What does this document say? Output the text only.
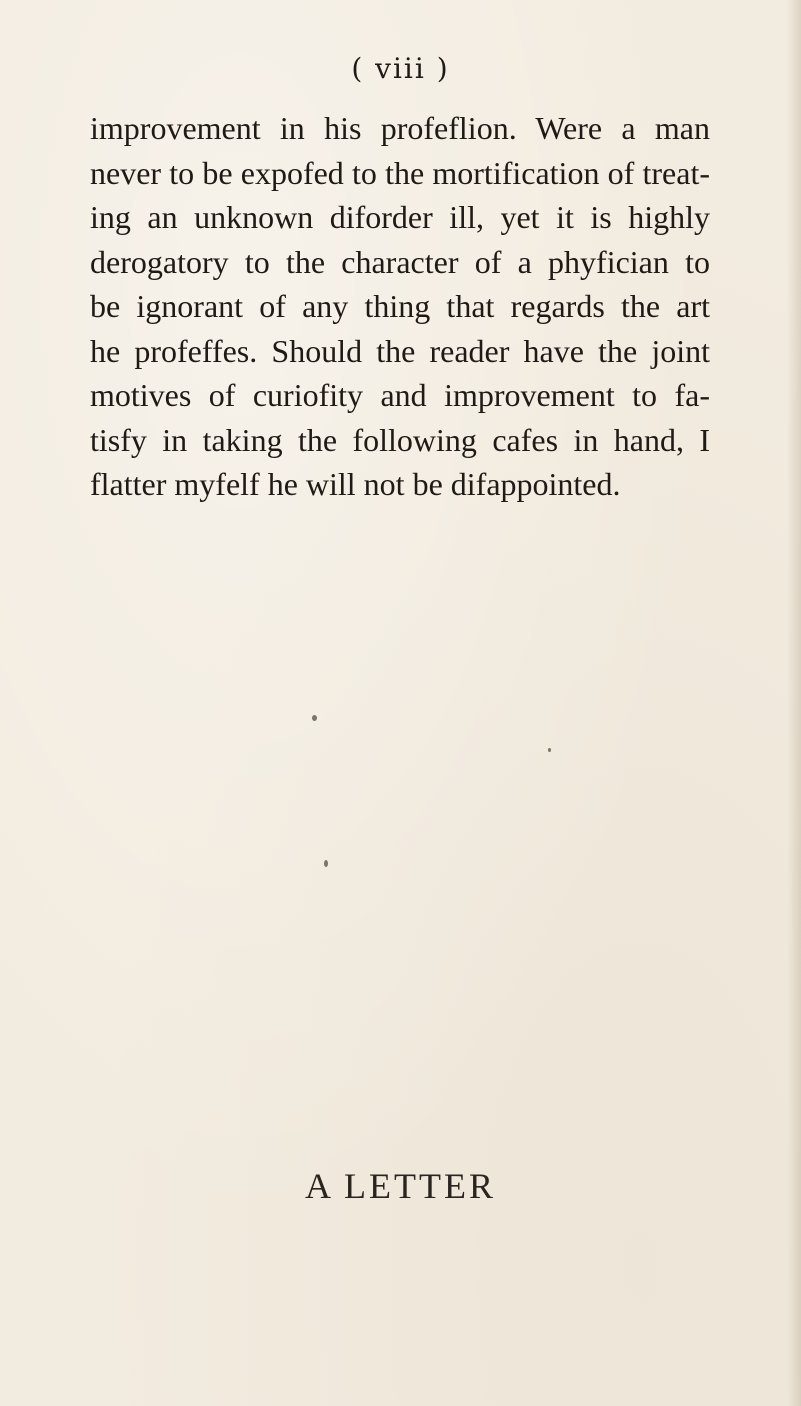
( viii )
improvement in his profeflion. Were a man
never to be expofed to the mortification of treat-
ing an unknown diforder ill, yet it is highly
derogatory to the character of a phyfician to
be ignorant of any thing that regards the art
he profeffes. Should the reader have the joint
motives of curiofity and improvement to fa-
tisfy in taking the following cafes in hand, I
flatter myfelf he will not be difappointed.
A LETTER
